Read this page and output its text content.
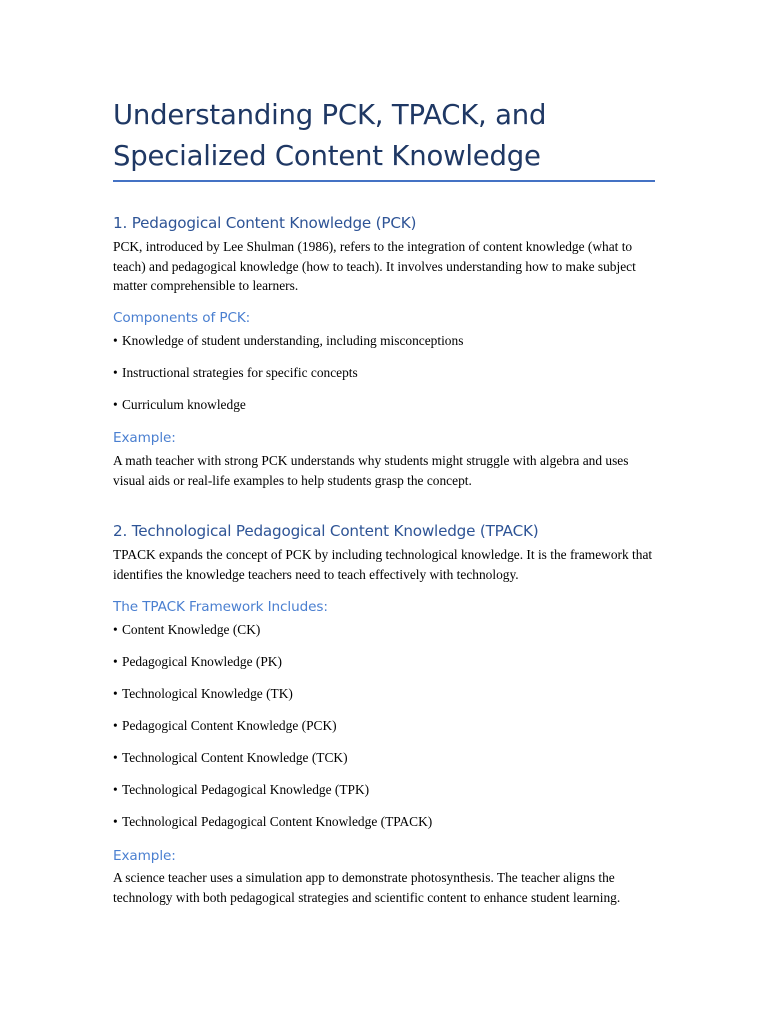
Understanding PCK, TPACK, and Specialized Content Knowledge
1. Pedagogical Content Knowledge (PCK)

PCK, introduced by Lee Shulman (1986), refers to the integration of content knowledge (what to teach) and pedagogical knowledge (how to teach). It involves understanding how to make subject matter comprehensible to learners.

Components of PCK:

• Knowledge of student understanding, including misconceptions

• Instructional strategies for specific concepts

• Curriculum knowledge

Example:

A math teacher with strong PCK understands why students might struggle with algebra and uses visual aids or real-life examples to help students grasp the concept.

2. Technological Pedagogical Content Knowledge (TPACK)

TPACK expands the concept of PCK by including technological knowledge. It is the framework that identifies the knowledge teachers need to teach effectively with technology.

The TPACK Framework Includes:

• Content Knowledge (CK)

• Pedagogical Knowledge (PK)

• Technological Knowledge (TK)

• Pedagogical Content Knowledge (PCK)

• Technological Content Knowledge (TCK)

• Technological Pedagogical Knowledge (TPK)

• Technological Pedagogical Content Knowledge (TPACK)

Example:

A science teacher uses a simulation app to demonstrate photosynthesis. The teacher aligns the technology with both pedagogical strategies and scientific content to enhance student learning.
